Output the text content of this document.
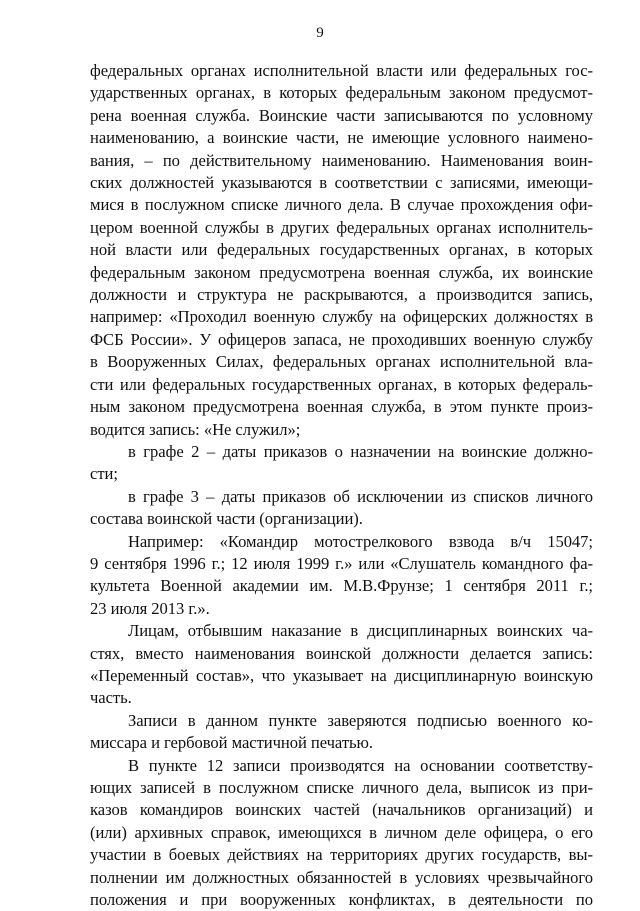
9
федеральных органах исполнительной власти или федеральных гос-
ударственных органах, в которых федеральным законом предусмот-
рена военная служба. Воинские части записываются по условному
наименованию, а воинские части, не имеющие условного наимено-
вания, – по действительному наименованию. Наименования воин-
ских должностей указываются в соответствии с записями, имеющи-
мися в послужном списке личного дела. В случае прохождения офи-
цером военной службы в других федеральных органах исполнитель-
ной власти или федеральных государственных органах, в которых
федеральным законом предусмотрена военная служба, их воинские
должности и структура не раскрываются, а производится запись,
например: «Проходил военную службу на офицерских должностях в
ФСБ России». У офицеров запаса, не проходивших военную службу
в Вооруженных Силах, федеральных органах исполнительной вла-
сти или федеральных государственных органах, в которых федераль-
ным законом предусмотрена военная служба, в этом пункте произ-
водится запись: «Не служил»;
в графе 2 – даты приказов о назначении на воинские должно-
сти;
в графе 3 – даты приказов об исключении из списков личного
состава воинской части (организации).
Например: «Командир мотострелкового взвода в/ч 15047;
9 сентября 1996 г.; 12 июля 1999 г.» или «Слушатель командного фа-
культета Военной академии им. М.В.Фрунзе; 1 сентября 2011 г.;
23 июля 2013 г.».
Лицам, отбывшим наказание в дисциплинарных воинских ча-
стях, вместо наименования воинской должности делается запись:
«Переменный состав», что указывает на дисциплинарную воинскую
часть.
Записи в данном пункте заверяются подписью военного ко-
миссара и гербовой мастичной печатью.
В пункте 12 записи производятся на основании соответству-
ющих записей в послужном списке личного дела, выписок из при-
казов командиров воинских частей (начальников организаций) и
(или) архивных справок, имеющихся в личном деле офицера, о его
участии в боевых действиях на территориях других государств, вы-
полнении им должностных обязанностей в условиях чрезвычайного
положения и при вооруженных конфликтах, в деятельности по
